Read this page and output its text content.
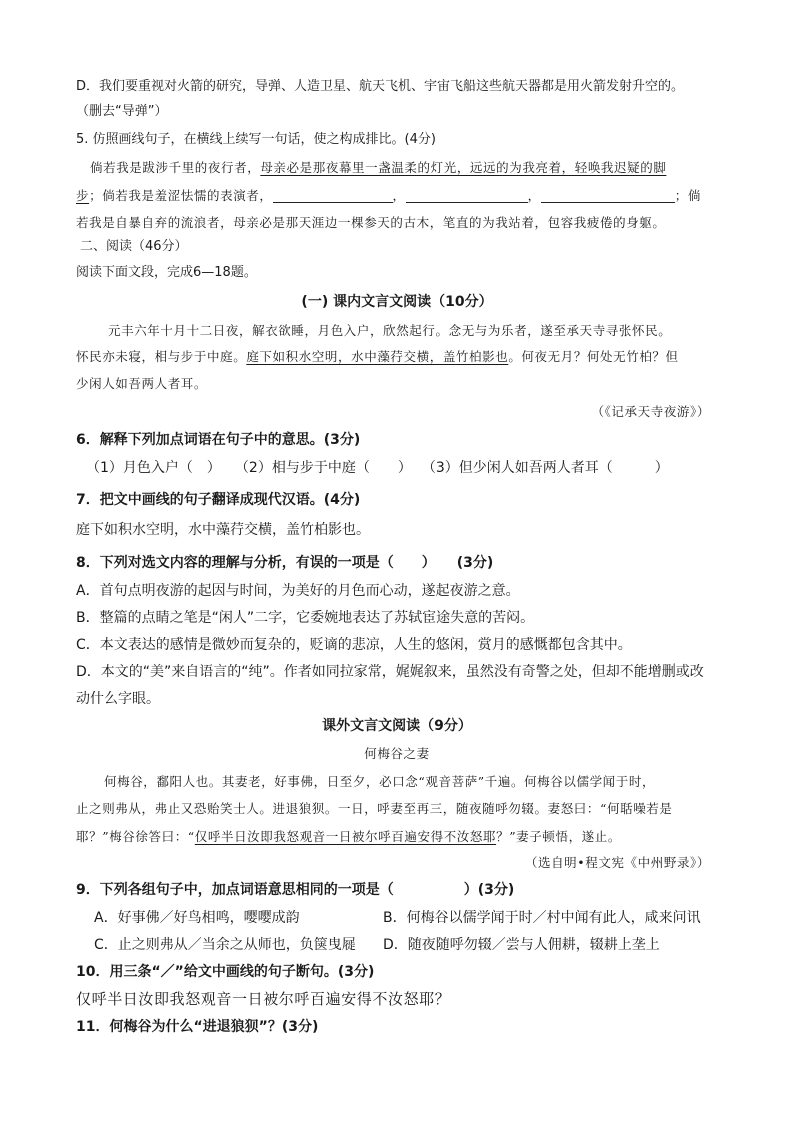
D．我们要重视对火箭的研究，导弹、人造卫星、航天飞机、宇宙飞船这些航天器都是用火箭发射升空的。
（删去“导弹”）
5. 仿照画线句子，在横线上续写一句话，使之构成排比。(4分)
倘若我是跋涉千里的夜行者，母亲必是那夜幕里一盏温柔的灯光，远远的为我亮着，轻唤我迟疑的脚
步；倘若我是羞涩怯懦的表演者，	，	，	；倘
若我是自暴自弃的流浪者，母亲必是那天涯边一棵参天的古木，笔直的为我站着，包容我疲倦的身躯。
二、阅读（46分）
阅读下面文段，完成6—18题。
(一) 课内文言文阅读（10分）
元丰六年十月十二日夜，解衣欲睡，月色入户，欣然起行。念无与为乐者，遂至承天寺寻张怀民。
怀民亦未寝，相与步于中庭。庭下如积水空明，水中藻荇交横，盖竹柏影也。何夜无月？何处无竹柏？但
少闲人如吾两人者耳。
（《记承天寺夜游》）
6．解释下列加点词语在句子中的意思。(3分)
（1）月色入户（　） （2）相与步于中庭（　　） （3）但少闲人如吾两人者耳（　　　）
7．把文中画线的句子翻译成现代汉语。(4分)
庭下如积水空明，水中藻荇交横，盖竹柏影也。
8．下列对选文内容的理解与分析，有误的一项是（　　）　　(3分)
A．首句点明夜游的起因与时间，为美好的月色而心动，遂起夜游之意。
B．整篇的点睛之笔是“闲人”二字，它委婉地表达了苏轼宦途失意的苦闷。
C．本文表达的感情是微妙而复杂的，贬谪的悲凉，人生的悠闲，赏月的感慨都包含其中。
D．本文的“美”来自语言的“纯”。作者如同拉家常，娓娓叙来，虽然没有奇警之处，但却不能增删或改
动什么字眼。
课外文言文阅读（9分）
何梅谷之妻
何梅谷，鄱阳人也。其妻老，好事佛，日至夕，必口念“观音菩萨”千遍。何梅谷以儒学闻于时，
止之则弗从，弗止又恐贻笑士人。进退狼狈。一日，呼妻至再三，随夜随呼勿辍。妻怒曰：“何聒噪若是
耶？”梅谷徐答曰：“仅呼半日汝即我怒观音一日被尔呼百遍安得不汝怒耶？”妻子顿悟，遂止。
（选自明•程文宪《中州野录》）
9．下列各组句子中，加点词语意思相同的一项是（　　　　　）(3分)
A．好事佛／好鸟相鸣，嘤嘤成韵	B．何梅谷以儒学闻于时／村中闻有此人，咸来问讯
C．止之则弗从／当余之从师也，负箧曳屣 D．随夜随呼勿辍／尝与人佣耕，辍耕上垄上
10．用三条“／”给文中画线的句子断句。(3分)
仅呼半日汝即我怒观音一日被尔呼百遍安得不汝怒耶？
11．何梅谷为什么“进退狼狈”？(3分)
